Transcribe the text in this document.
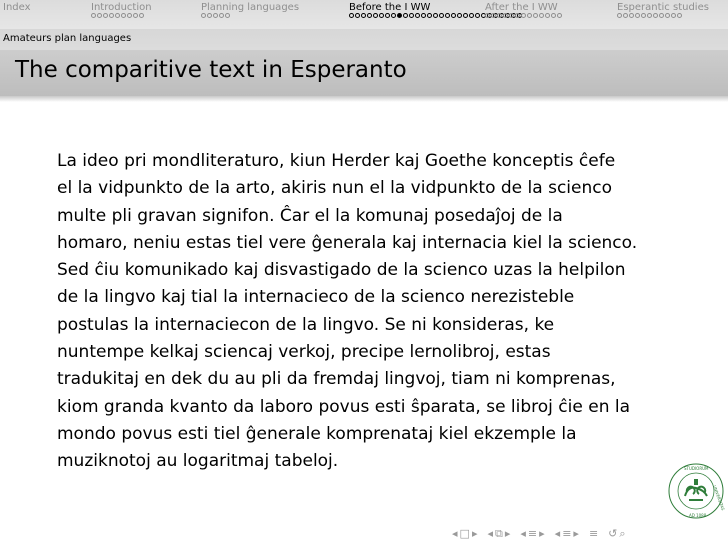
Index	Introduction	Planning languages	Before the I WW	After the I WW	Esperantic studies
Amateurs plan languages
The comparitive text in Esperanto
La ideo pri mondliteraturo, kiun Herder kaj Goethe konceptis ĉefe
el la vidpunkto de la arto, akiris nun el la vidpunkto de la scienco
multe pli gravan signifon. Ĉar el la komunaj posedaĵoj de la
homaro, neniu estas tiel vere ĝenerala kaj internacia kiel la scienco.
Sed ĉiu komunikado kaj disvastigado de la scienco uzas la helpilon
de la lingvo kaj tial la internacieco de la scienco nerezisteble
postulas la internaciecon de la lingvo. Se ni konsideras, ke
nuntempe kelkaj sciencaj verkoj, precipe lernolibroj, estas
tradukitaj en dek du au pli da fremdaj lingvoj, tiam ni komprenas,
kiom granda kvanto da laboro povus esti ŝparata, se libroj ĉie en la
mondo povus esti tiel ĝenerale komprenataj kiel ekzemple la
muziknotoj au logaritmaj tabeloj.	STUDIORUM
UNIVERSITAS
AD 1088
◂ □ ▸ ◂ ⧉ ▸ ◂ ≡ ▸ ◂ ≡ ▸ ≡ ↺ ⌕
